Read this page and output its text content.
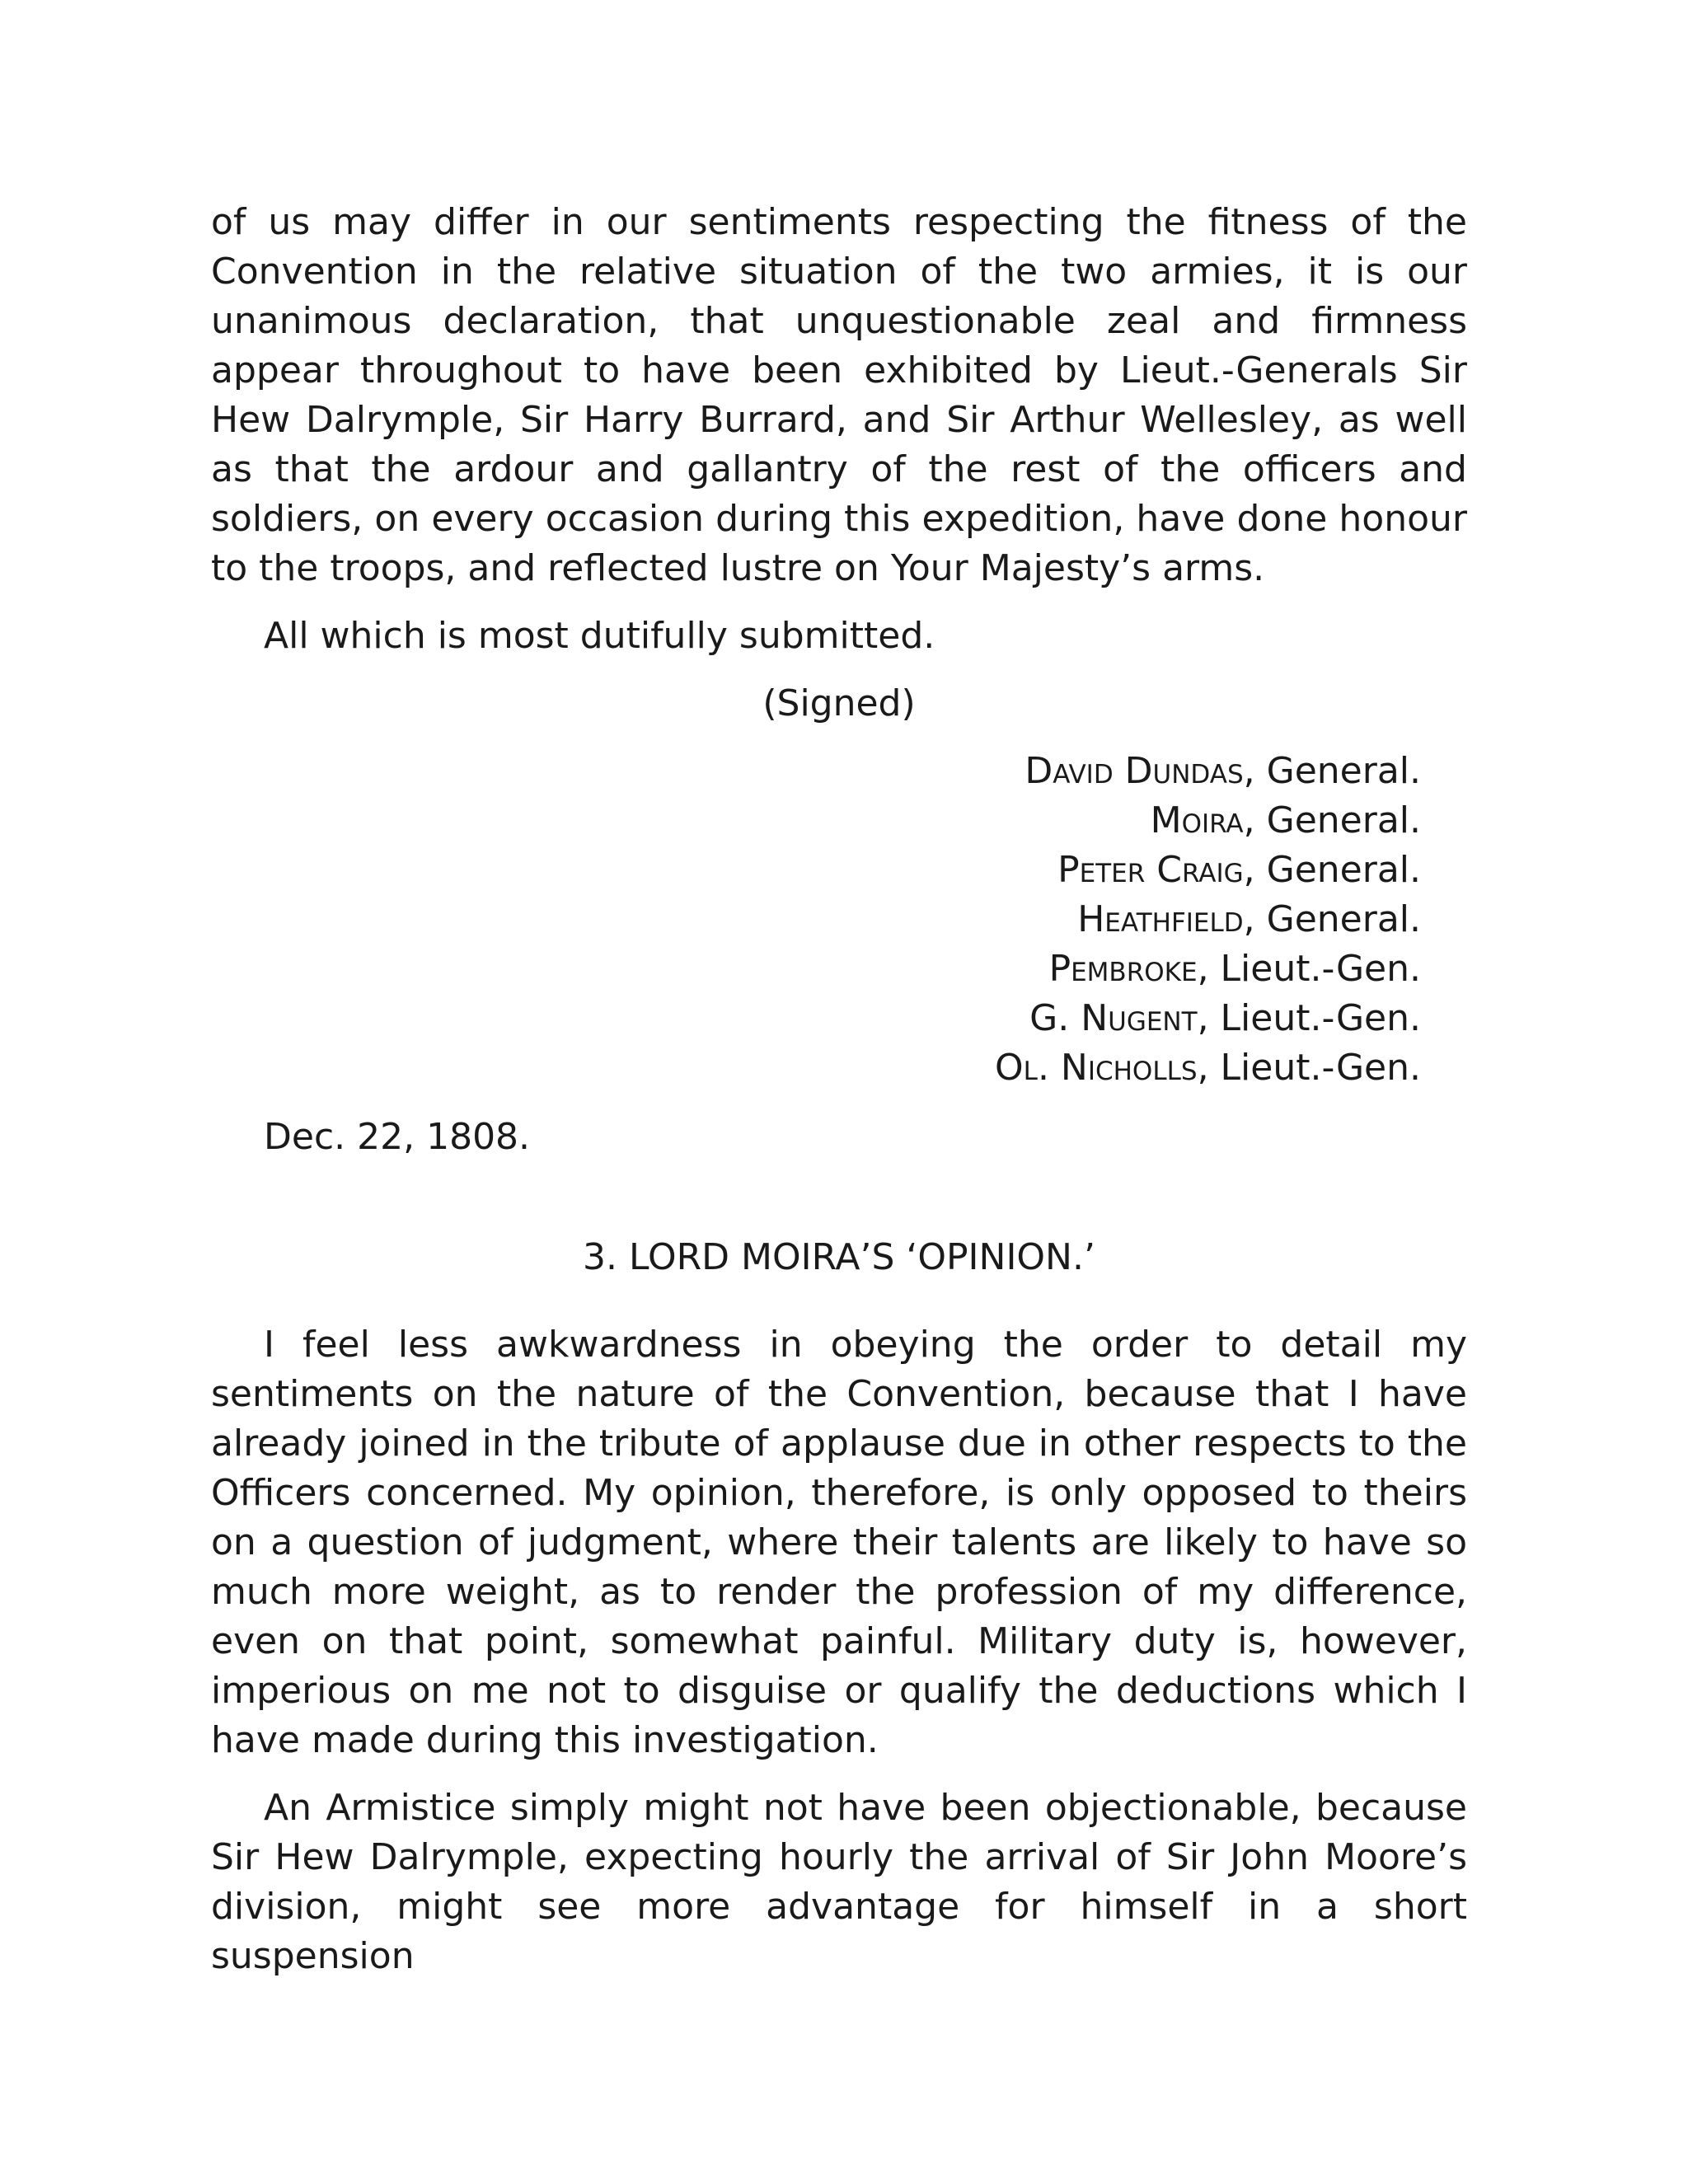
of us may differ in our sentiments respecting the fitness of the Convention in the relative situation of the two armies, it is our unanimous declaration, that unquestionable zeal and firmness appear throughout to have been exhibited by Lieut.-Generals Sir Hew Dalrymple, Sir Harry Burrard, and Sir Arthur Wellesley, as well as that the ardour and gallantry of the rest of the officers and soldiers, on every occasion during this expedition, have done honour to the troops, and reflected lustre on Your Majesty’s arms.

All which is most dutifully submitted.

(Signed)
David Dundas, General.
Moira, General.
Peter Craig, General.
Heathfield, General.
Pembroke, Lieut.-Gen.
G. Nugent, Lieut.-Gen.
Ol. Nicholls, Lieut.-Gen.
Dec. 22, 1808.
3. LORD MOIRA’S ‘OPINION.’

I feel less awkwardness in obeying the order to detail my sentiments on the nature of the Convention, because that I have already joined in the tribute of applause due in other respects to the Officers concerned. My opinion, therefore, is only opposed to theirs on a question of judgment, where their talents are likely to have so much more weight, as to render the profession of my difference, even on that point, somewhat painful. Military duty is, however, imperious on me not to disguise or qualify the deductions which I have made during this investigation.

An Armistice simply might not have been objectionable, because Sir Hew Dalrymple, expecting hourly the arrival of Sir John Moore’s division, might see more advantage for himself in a short suspension
